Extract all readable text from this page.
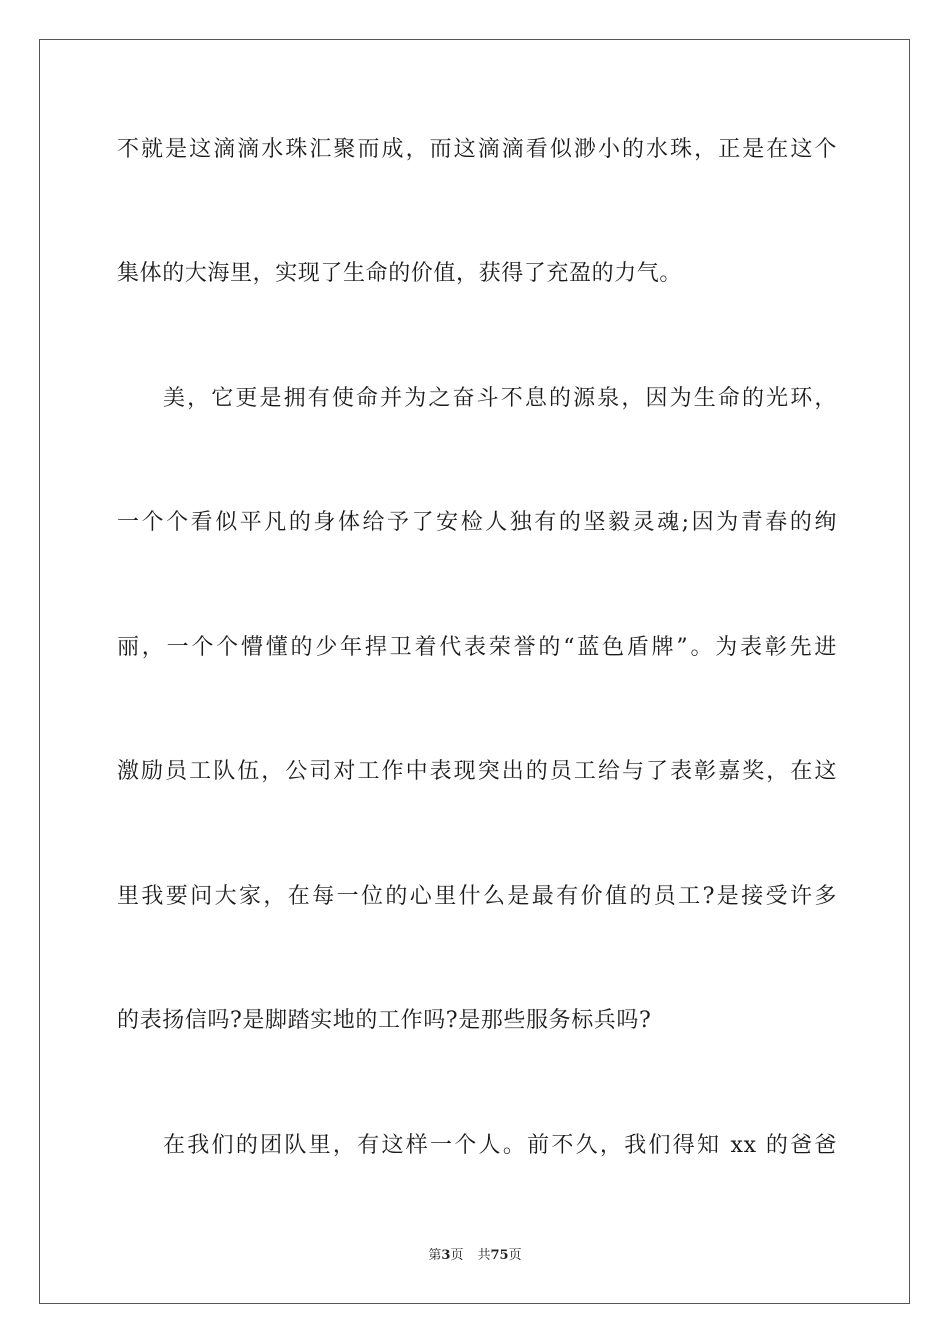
不就是这滴滴水珠汇聚而成，而这滴滴看似渺小的水珠，正是在这个
集体的大海里，实现了生命的价值，获得了充盈的力气。
美，它更是拥有使命并为之奋斗不息的源泉，因为生命的光环，
一个个看似平凡的身体给予了安检人独有的坚毅灵魂;因为青春的绚
丽，一个个懵懂的少年捍卫着代表荣誉的“蓝色盾牌”。为表彰先进
激励员工队伍，公司对工作中表现突出的员工给与了表彰嘉奖，在这
里我要问大家，在每一位的心里什么是最有价值的员工?是接受许多
的表扬信吗?是脚踏实地的工作吗?是那些服务标兵吗?
在我们的团队里，有这样一个人。前不久，我们得知 xx 的爸爸
第3页 共75页
